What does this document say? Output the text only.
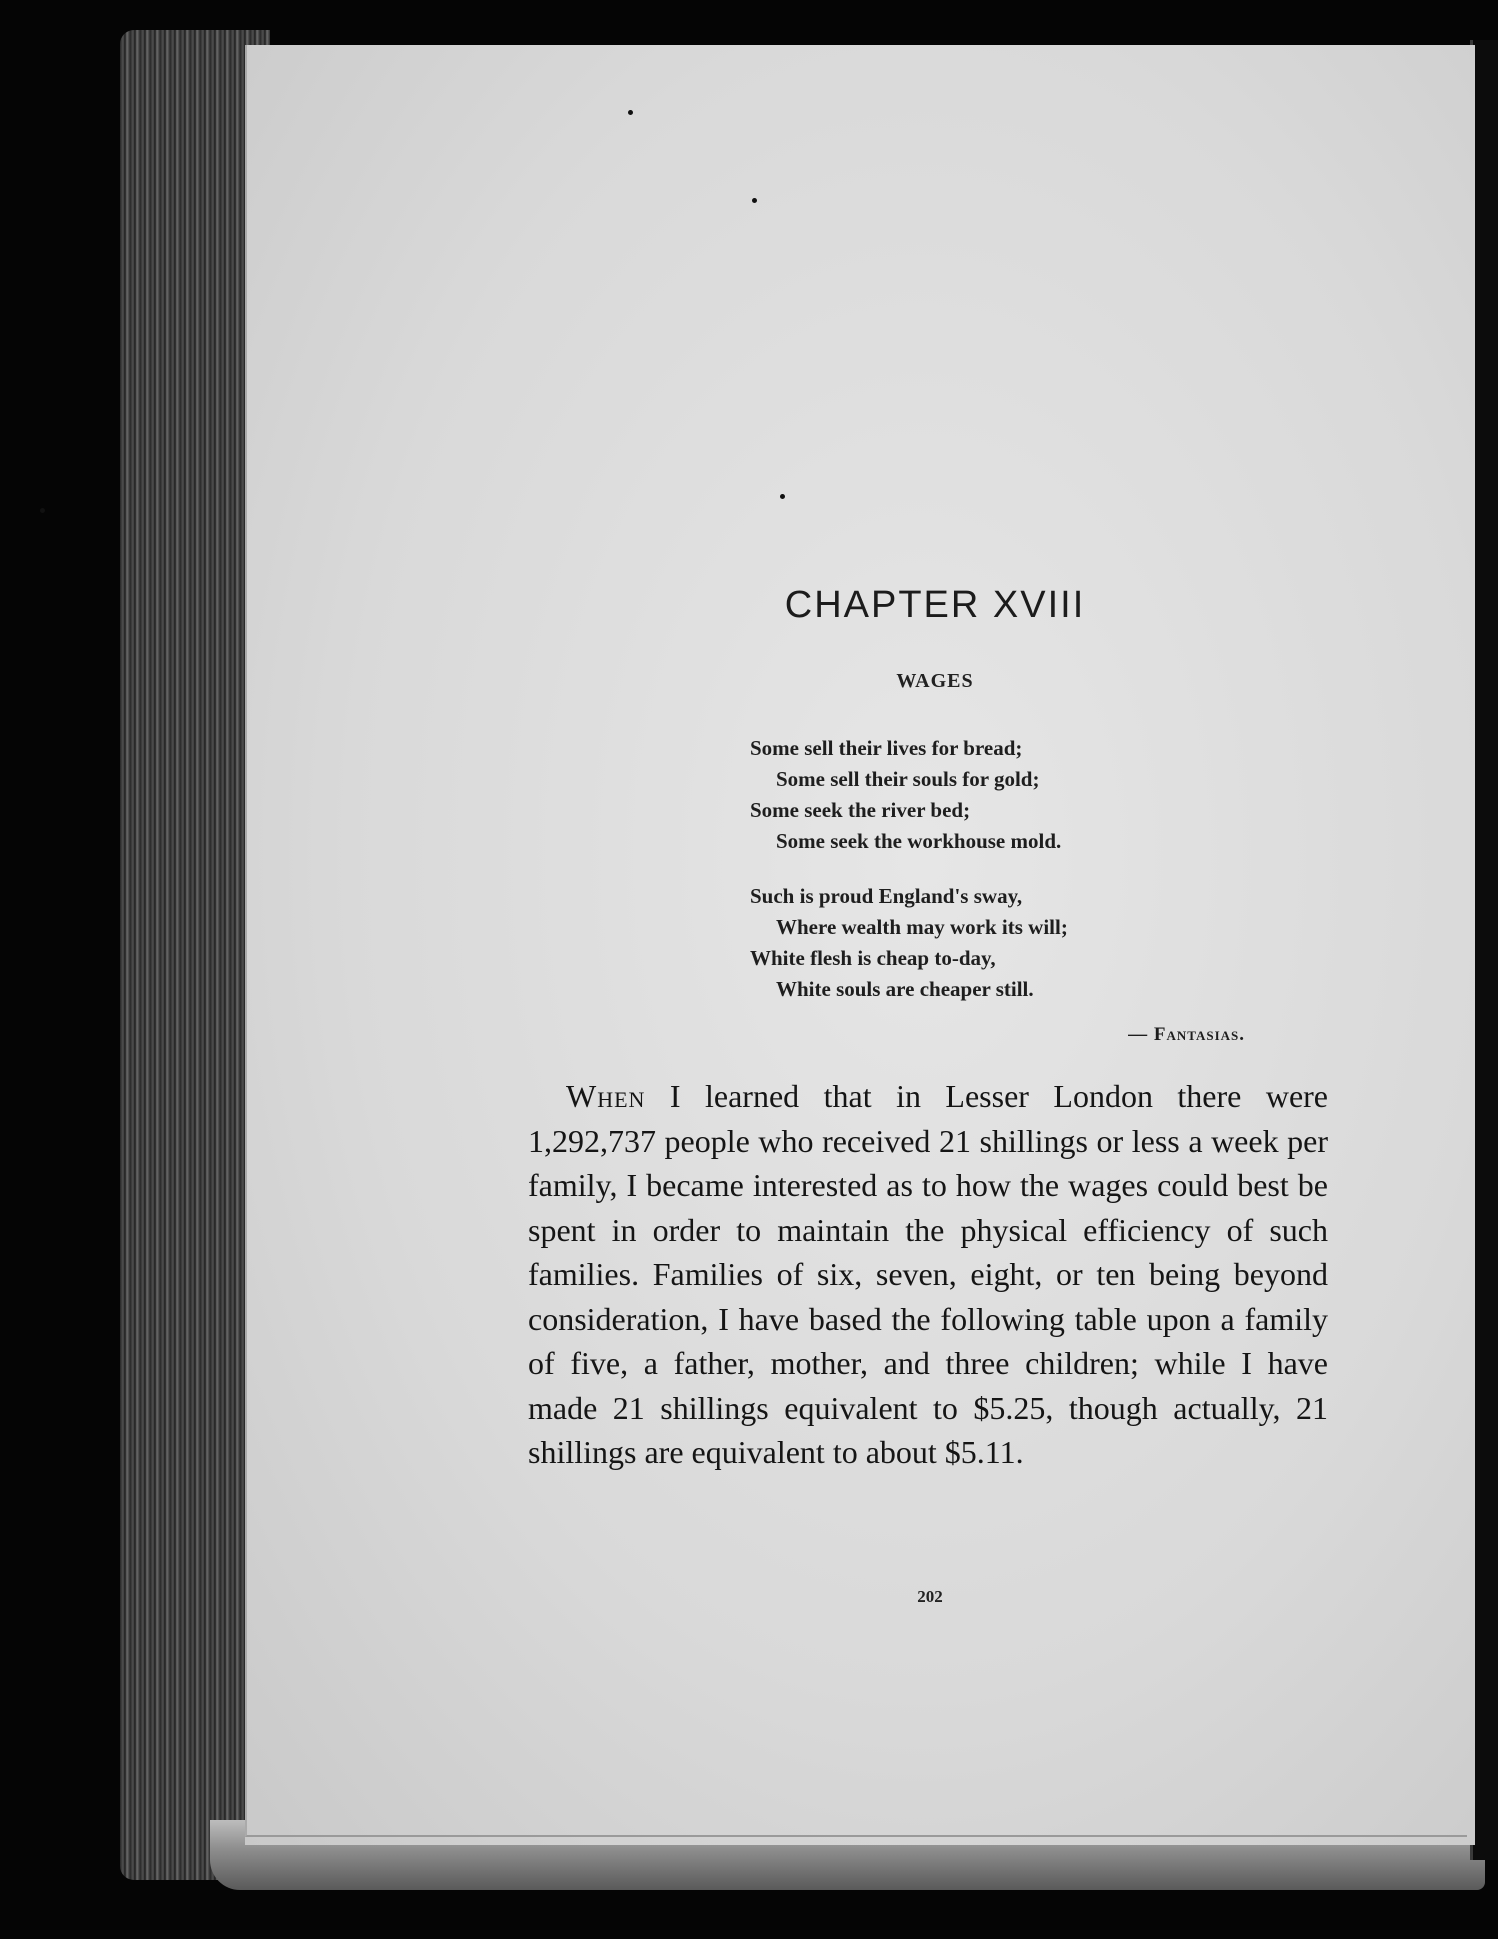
CHAPTER XVIII
WAGES
Some sell their lives for bread;
Some sell their souls for gold;
Some seek the river bed;
Some seek the workhouse mold.
Such is proud England's sway,
Where wealth may work its will;
White flesh is cheap to-day,
White souls are cheaper still.
— Fantasias.
When I learned that in Lesser London there were 1,292,737 people who received 21 shillings or less a week per family, I became interested as to how the wages could best be spent in order to maintain the physical efficiency of such families. Families of six, seven, eight, or ten being beyond consideration, I have based the following table upon a family of five, a father, mother, and three children; while I have made 21 shillings equivalent to $5.25, though actually, 21 shillings are equivalent to about $5.11.
202
